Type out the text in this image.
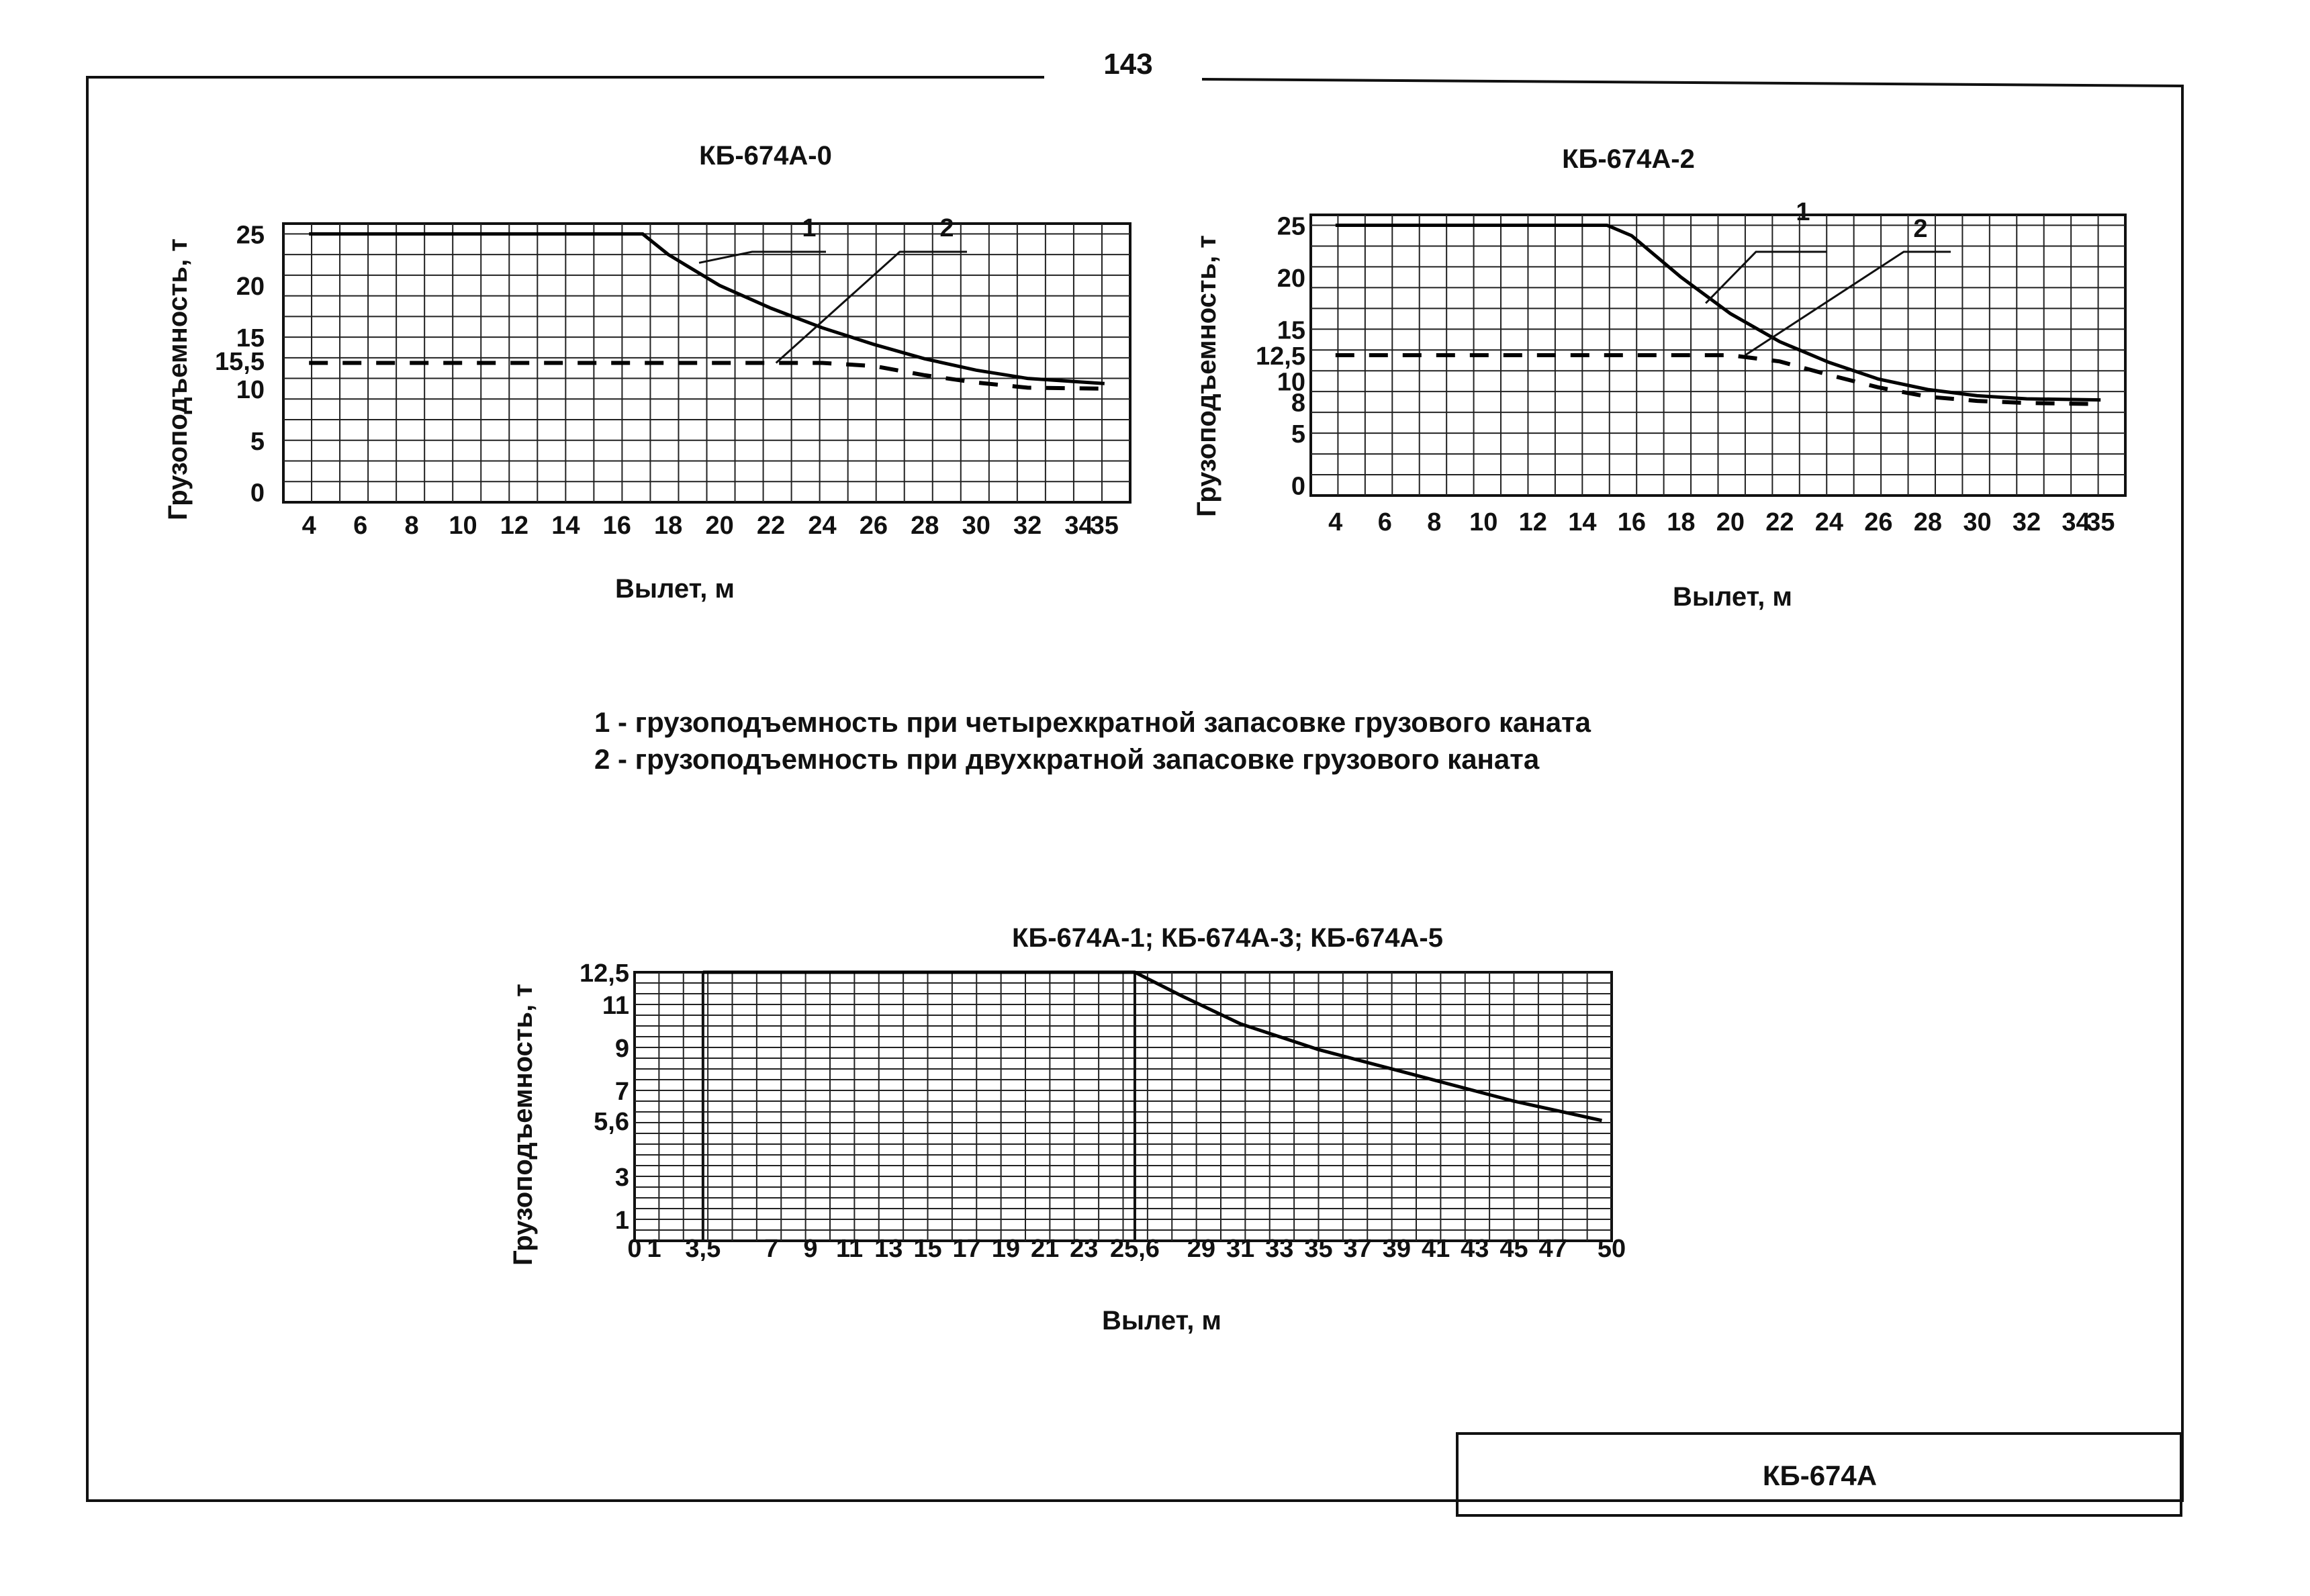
143
КБ-674А-0
Грузоподъемность, т
Вылет, м
4 6 8 10 12 14 16 18 20 22 24 26 28 30 32 34
35
0
5
10
15,5
15
20
25	1	2
КБ-674А-2
Грузоподъемность, т
Вылет, м
4 6 8 10 12 14 16 18 20 22 24 26 28 30 32 34
35
0
5
8
10
12,5
15
20
25
1
2
1 - грузоподъемность при четырехкратной запасовке грузового каната
2 - грузоподъемность при двухкратной запасовке грузового каната
КБ-674А-1; КБ-674А-3; КБ-674А-5
Грузоподъемность, т
Вылет, м
0 1 3,5 7 9 11 13 15 17 19 21 23 25,6 29 31 33 35 37 39 41 43 45 47 50
1
3
5,6
7
9
11
12,5
КБ-674А
